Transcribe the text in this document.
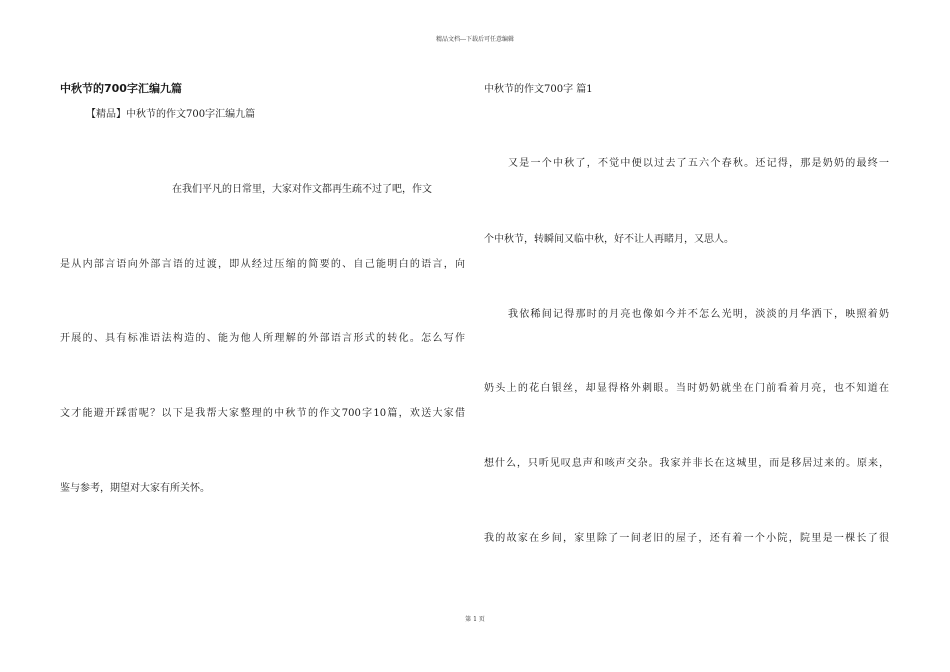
精品文档---下载后可任意编辑
中秋节的700字汇编九篇
【精品】中秋节的作文700字汇编九篇
在我们平凡的日常里，大家对作文都再生疏不过了吧，作文
是从内部言语向外部言语的过渡，即从经过压缩的简要的、自己能明白的语言，向
开展的、具有标准语法构造的、能为他人所理解的外部语言形式的转化。怎么写作
文才能避开踩雷呢？以下是我帮大家整理的中秋节的作文700字10篇，欢送大家借
鉴与参考，期望对大家有所关怀。
中秋节的作文700字 篇1
又是一个中秋了，不觉中便以过去了五六个春秋。还记得，那是奶奶的最终一
个中秋节，转瞬间又临中秋，好不让人再睹月，又思人。
我依稀间记得那时的月亮也像如今并不怎么光明，淡淡的月华洒下，映照着奶
奶头上的花白银丝，却显得格外刺眼。当时奶奶就坐在门前看着月亮，也不知道在
想什么，只听见叹息声和咳声交杂。我家并非长在这城里，而是移居过来的。原来，
我的故家在乡间，家里除了一间老旧的屋子，还有着一个小院，院里是一棵长了很
第 1 页
